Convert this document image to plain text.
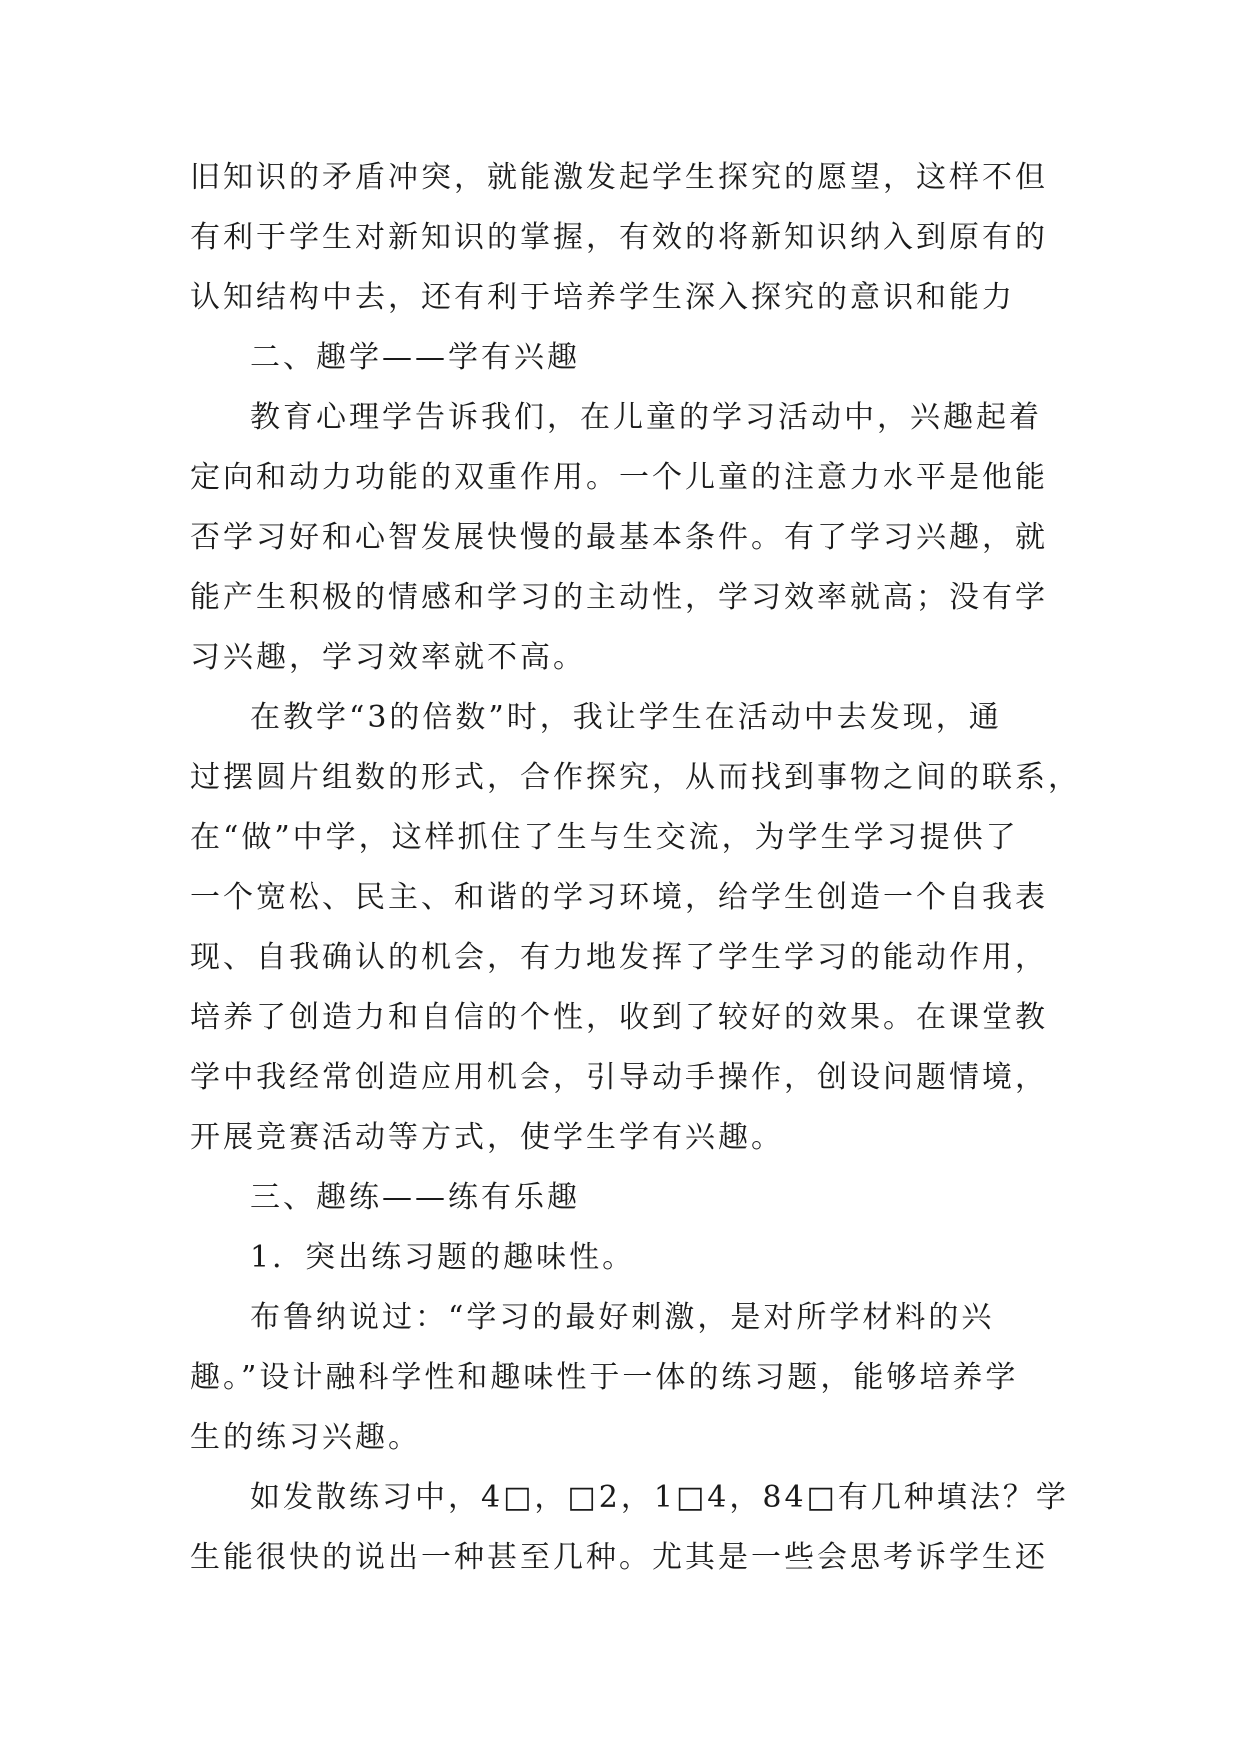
旧知识的矛盾冲突，就能激发起学生探究的愿望，这样不但
有利于学生对新知识的掌握，有效的将新知识纳入到原有的
认知结构中去，还有利于培养学生深入探究的意识和能力
二、趣学——学有兴趣
教育心理学告诉我们，在儿童的学习活动中，兴趣起着
定向和动力功能的双重作用。一个儿童的注意力水平是他能
否学习好和心智发展快慢的最基本条件。有了学习兴趣，就
能产生积极的情感和学习的主动性，学习效率就高；没有学
习兴趣，学习效率就不高。
在教学“3的倍数”时，我让学生在活动中去发现，通
过摆圆片组数的形式，合作探究，从而找到事物之间的联系，
在“做”中学，这样抓住了生与生交流，为学生学习提供了
一个宽松、民主、和谐的学习环境，给学生创造一个自我表
现、自我确认的机会，有力地发挥了学生学习的能动作用，
培养了创造力和自信的个性，收到了较好的效果。在课堂教
学中我经常创造应用机会，引导动手操作，创设问题情境，
开展竞赛活动等方式，使学生学有兴趣。
三、趣练——练有乐趣
1．突出练习题的趣味性。
布鲁纳说过：“学习的最好刺激，是对所学材料的兴
趣。”设计融科学性和趣味性于一体的练习题，能够培养学
生的练习兴趣。
如发散练习中，4□，□2，1□4，84□有几种填法？学
生能很快的说出一种甚至几种。尤其是一些会思考诉学生还
